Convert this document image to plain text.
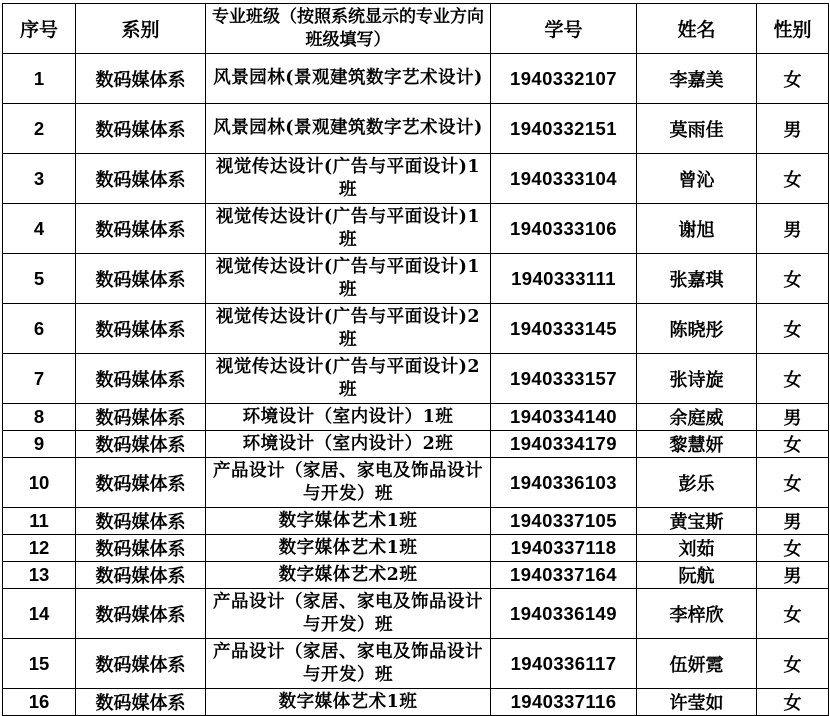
序号	系别	专业班级（按照系统显示的专业方向班级填写）	学号	姓名	性别
1	数码媒体系	风景园林(景观建筑数字艺术设计)	1940332107	李嘉美	女
2	数码媒体系	风景园林(景观建筑数字艺术设计)	1940332151	莫雨佳	男
3	数码媒体系	视觉传达设计(广告与平面设计)1班	1940333104	曾沁	女
4	数码媒体系	视觉传达设计(广告与平面设计)1班	1940333106	谢旭	男
5	数码媒体系	视觉传达设计(广告与平面设计)1班	1940333111	张嘉琪	女
6	数码媒体系	视觉传达设计(广告与平面设计)2班	1940333145	陈晓彤	女
7	数码媒体系	视觉传达设计(广告与平面设计)2班	1940333157	张诗旋	女
8	数码媒体系	环境设计（室内设计）1班	1940334140	余庭威	男
9	数码媒体系	环境设计（室内设计）2班	1940334179	黎慧妍	女
10	数码媒体系	产品设计（家居、家电及饰品设计与开发）班	1940336103	彭乐	女
11	数码媒体系	数字媒体艺术1班	1940337105	黄宝斯	男
12	数码媒体系	数字媒体艺术1班	1940337118	刘茹	女
13	数码媒体系	数字媒体艺术2班	1940337164	阮航	男
14	数码媒体系	产品设计（家居、家电及饰品设计与开发）班	1940336149	李梓欣	女
15	数码媒体系	产品设计（家居、家电及饰品设计与开发）班	1940336117	伍妍霓	女
16	数码媒体系	数字媒体艺术1班	1940337116	许莹如	女
